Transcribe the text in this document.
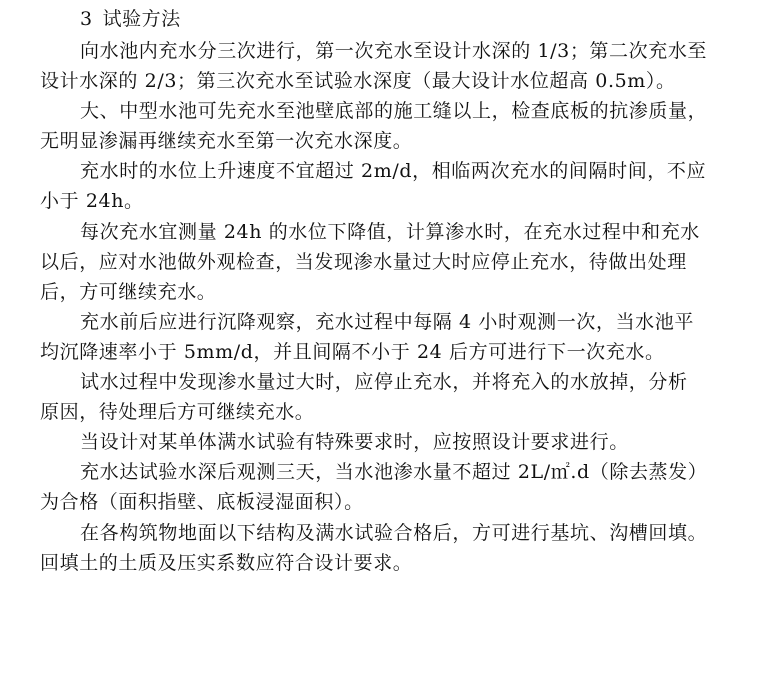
3 试验方法

向水池内充水分三次进行，第一次充水至设计水深的 1/3；第二次充水至
设计水深的 2/3；第三次充水至试验水深度（最大设计水位超高 0.5m）。

大、中型水池可先充水至池壁底部的施工缝以上，检查底板的抗渗质量，
无明显渗漏再继续充水至第一次充水深度。

充水时的水位上升速度不宜超过 2m/d，相临两次充水的间隔时间，不应
小于 24h。

每次充水宜测量 24h 的水位下降值，计算渗水时，在充水过程中和充水
以后，应对水池做外观检查，当发现渗水量过大时应停止充水，待做出处理
后，方可继续充水。

充水前后应进行沉降观察，充水过程中每隔 4 小时观测一次，当水池平
均沉降速率小于 5mm/d，并且间隔不小于 24 后方可进行下一次充水。

试水过程中发现渗水量过大时，应停止充水，并将充入的水放掉，分析
原因，待处理后方可继续充水。

当设计对某单体满水试验有特殊要求时，应按照设计要求进行。

充水达试验水深后观测三天，当水池渗水量不超过 2L/㎡.d（除去蒸发）
为合格（面积指壁、底板浸湿面积）。

在各构筑物地面以下结构及满水试验合格后，方可进行基坑、沟槽回填。
回填土的土质及压实系数应符合设计要求。
